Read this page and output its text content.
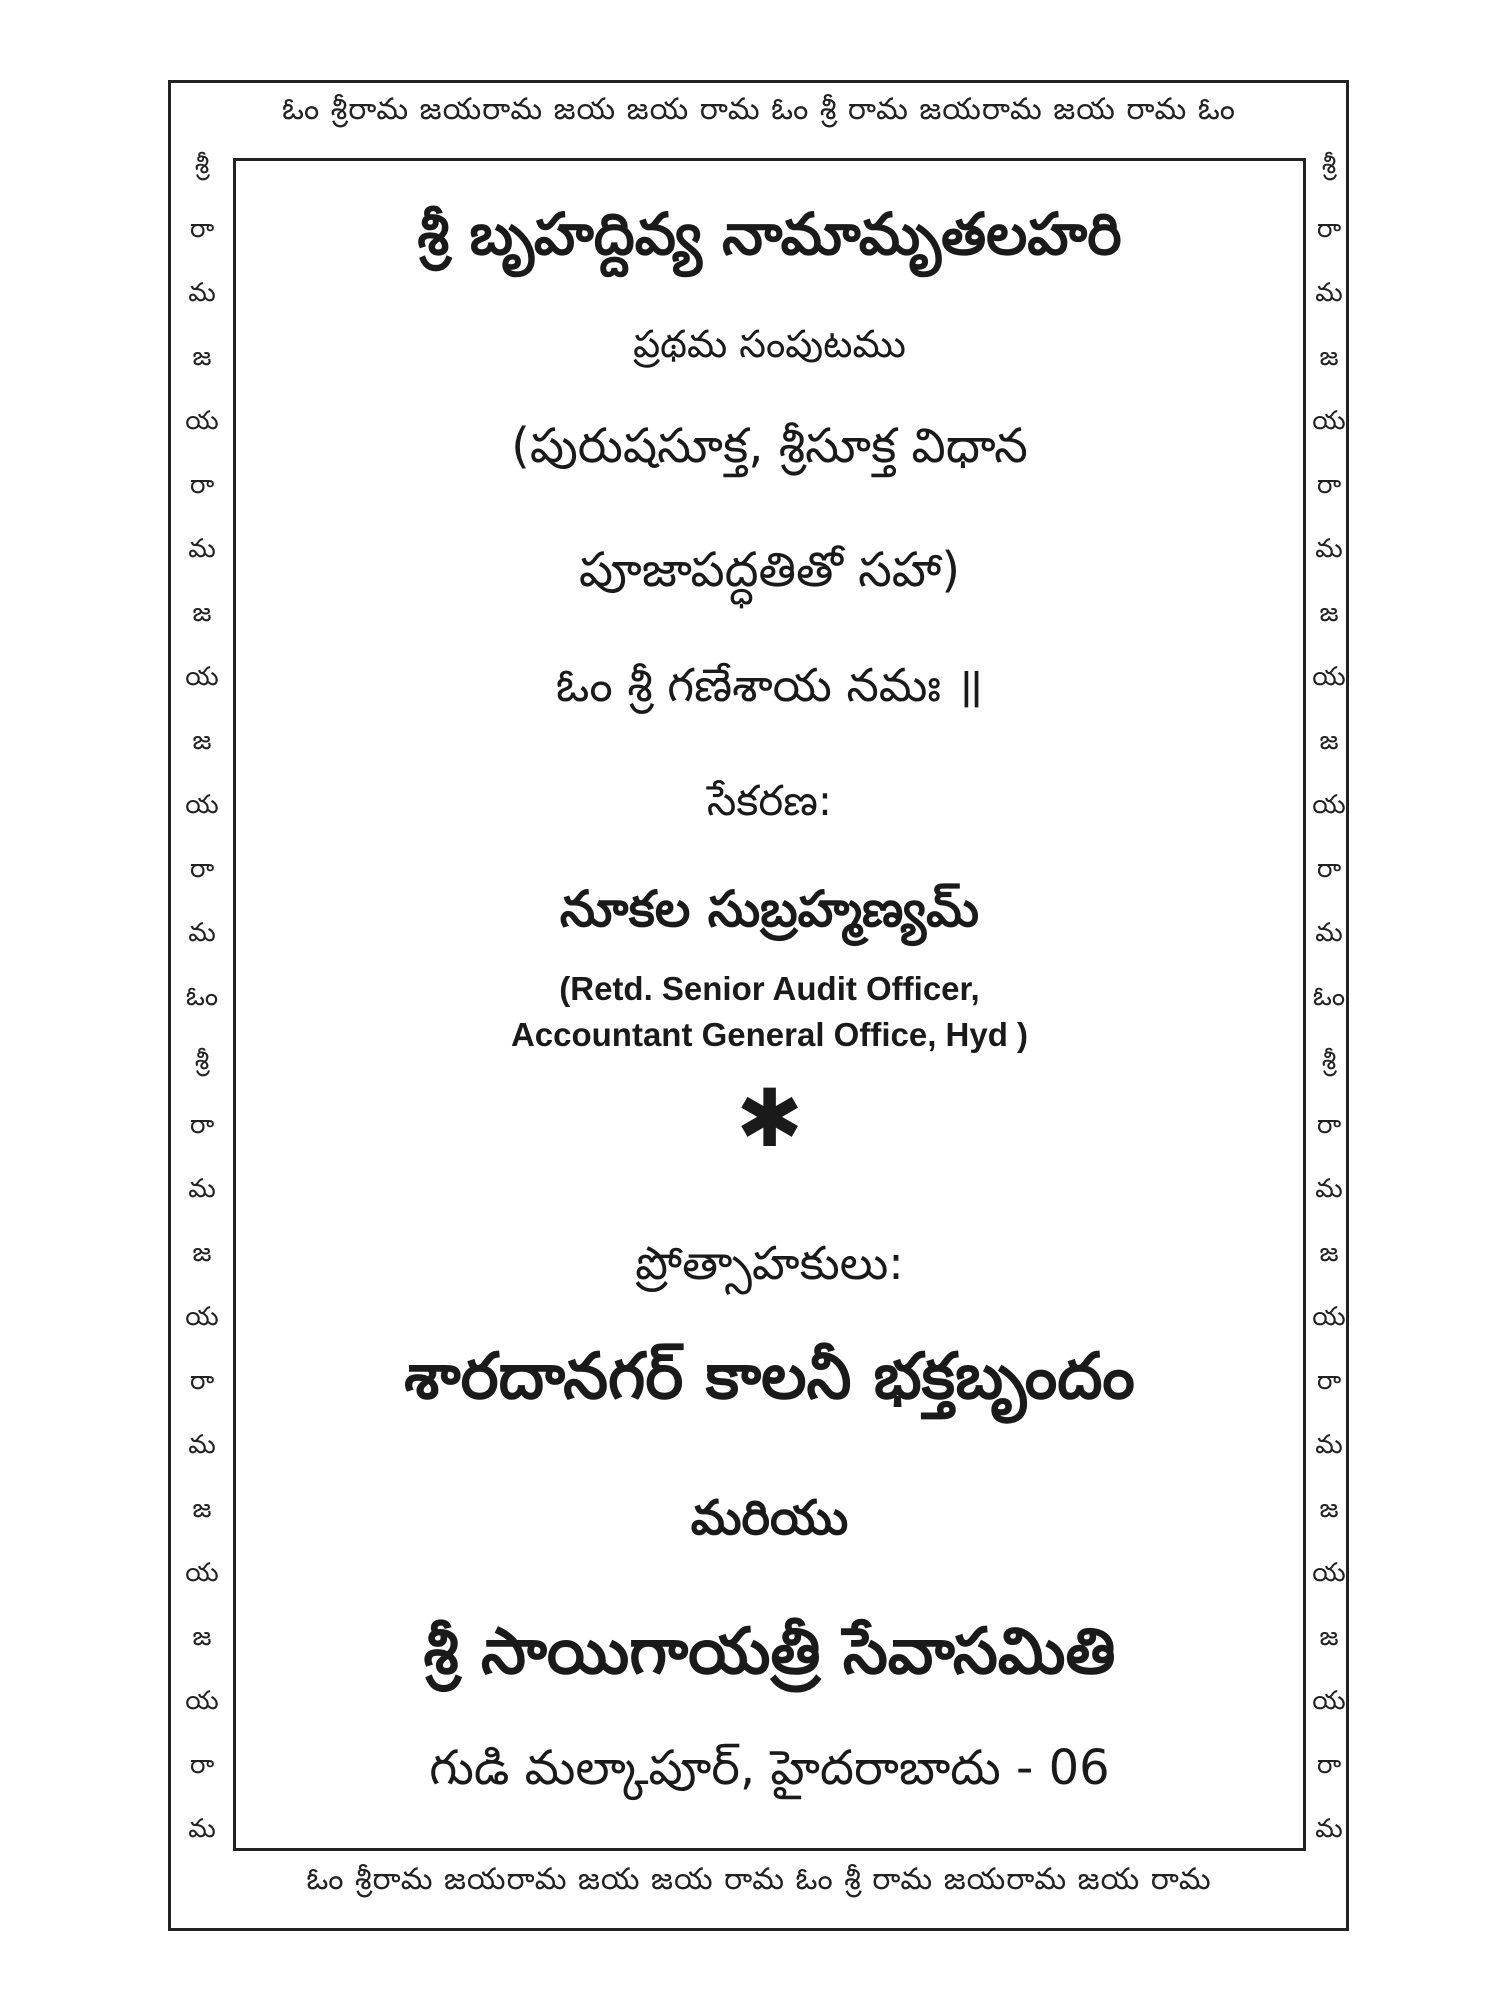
ఓం శ్రీరామ జయరామ జయ జయ రామ ఓం శ్రీ రామ జయరామ జయ రామ ఓం
ఓం శ్రీరామ జయరామ జయ జయ రామ ఓం శ్రీ రామ జయరామ జయ రామ
శ్రీ
రా
మ
జ
య
రా
మ
జ
య
జ
య
రా
మ
ఓం
శ్రీ
రా
మ
జ
య
రా
మ
జ
య
జ
య
రా
మ
శ్రీ
రా
మ
జ
య
రా
మ
జ
య
జ
య
రా
మ
ఓం
శ్రీ
రా
మ
జ
య
రా
మ
జ
య
జ
య
రా
మ
శ్రీ బృహద్దివ్య నామామృతలహరి
ప్రథమ సంపుటము
(పురుషసూక్త, శ్రీసూక్త విధాన
పూజాపద్ధతితో సహా)
ఓం శ్రీ గణేశాయ నమః ॥
సేకరణ:
నూకల సుబ్రహ్మణ్యమ్
(Retd. Senior Audit Officer,
Accountant General Office, Hyd )
✱
ప్రోత్సాహకులు:
శారదానగర్ కాలనీ భక్తబృందం
మరియు
శ్రీ సాయిగాయత్రీ సేవాసమితి
గుడి మల్కాపూర్, హైదరాబాదు - 06
